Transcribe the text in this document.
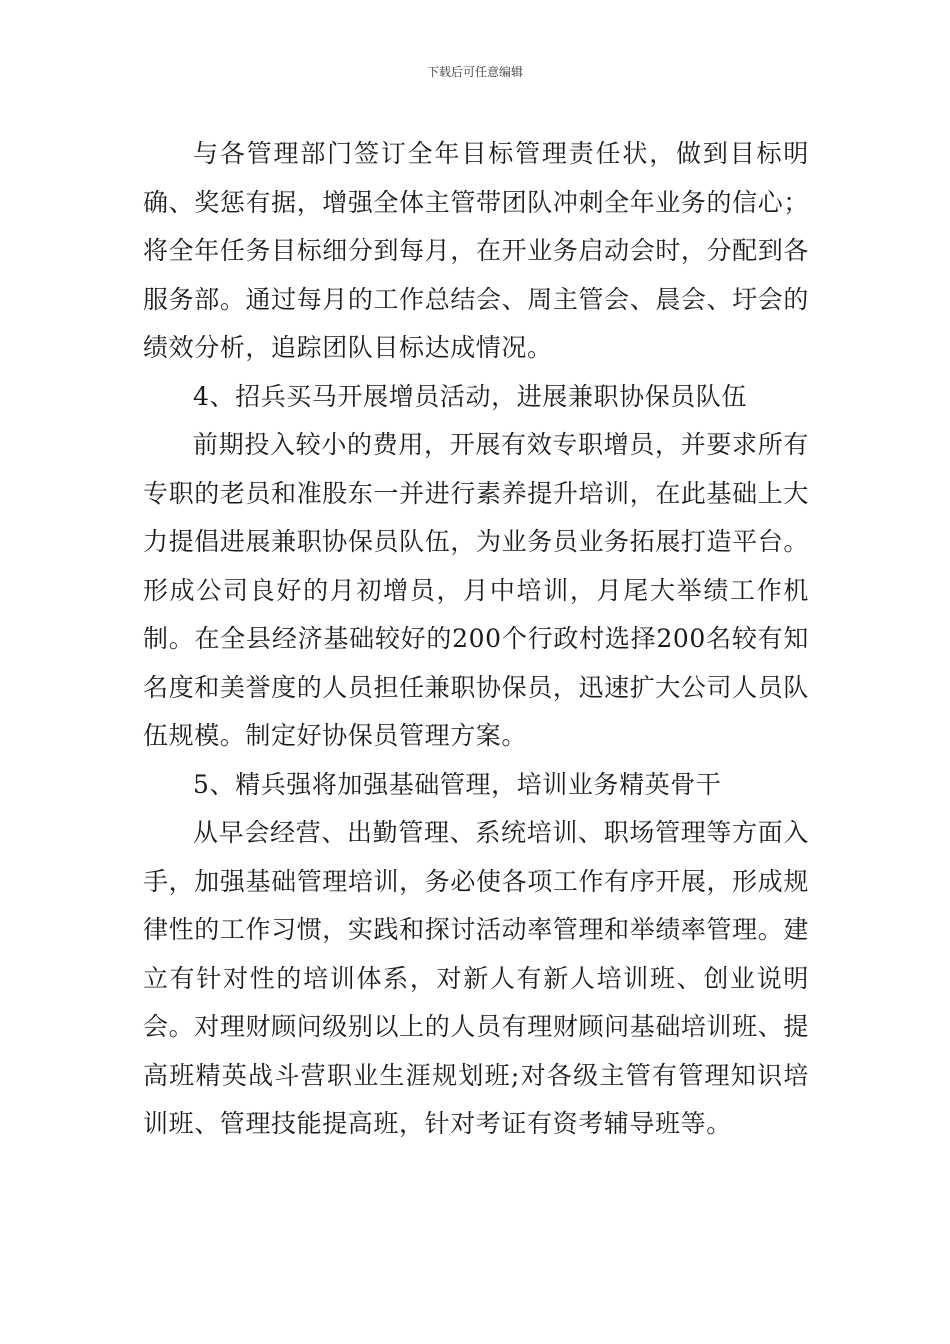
下载后可任意编辑

与各管理部门签订全年目标管理责任状，做到目标明确、奖惩有据，增强全体主管带团队冲刺全年业务的信心；将全年任务目标细分到每月，在开业务启动会时，分配到各服务部。通过每月的工作总结会、周主管会、晨会、圩会的绩效分析，追踪团队目标达成情况。

4、招兵买马开展增员活动，进展兼职协保员队伍

前期投入较小的费用，开展有效专职增员，并要求所有专职的老员和准股东一并进行素养提升培训，在此基础上大力提倡进展兼职协保员队伍，为业务员业务拓展打造平台。形成公司良好的月初增员，月中培训，月尾大举绩工作机制。在全县经济基础较好的200个行政村选择200名较有知名度和美誉度的人员担任兼职协保员，迅速扩大公司人员队伍规模。制定好协保员管理方案。

5、精兵强将加强基础管理，培训业务精英骨干

从早会经营、出勤管理、系统培训、职场管理等方面入手，加强基础管理培训，务必使各项工作有序开展，形成规律性的工作习惯，实践和探讨活动率管理和举绩率管理。建立有针对性的培训体系，对新人有新人培训班、创业说明会。对理财顾问级别以上的人员有理财顾问基础培训班、提高班精英战斗营职业生涯规划班;对各级主管有管理知识培训班、管理技能提高班，针对考证有资考辅导班等。
